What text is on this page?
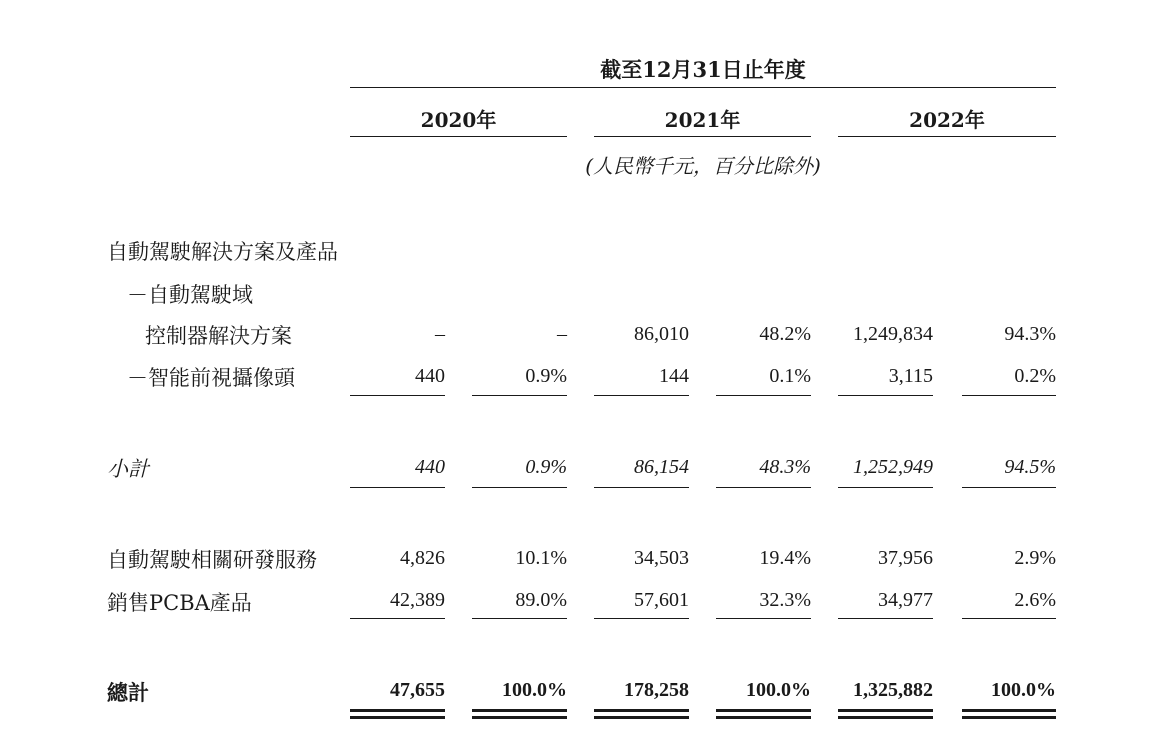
截至12月31日止年度
2020年	2021年	2022年
(人民幣千元，百分比除外)
自動駕駛解決方案及產品
－自動駕駛域
控制器解決方案	–	–	86,010	48.2%	1,249,834	94.3%
－智能前視攝像頭	440	0.9%	144	0.1%	3,115	0.2%
小計	440	0.9%	86,154	48.3%	1,252,949	94.5%
自動駕駛相關研發服務	4,826	10.1%	34,503	19.4%	37,956	2.9%
銷售PCBA產品	42,389	89.0%	57,601	32.3%	34,977	2.6%
總計	47,655	100.0%	178,258	100.0%	1,325,882	100.0%
